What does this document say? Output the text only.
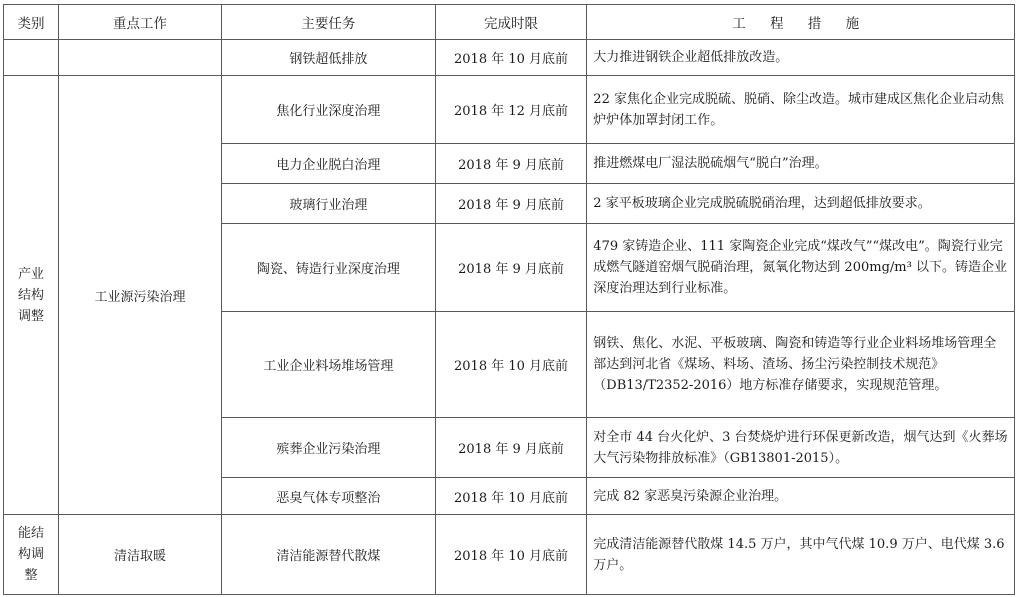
类别	重点工作	主要任务	完成时限	工 程 措 施
		钢铁超低排放	2018 年 10 月底前	大力推进钢铁企业超低排放改造。
产业结构调整	工业源污染治理	焦化行业深度治理	2018 年 12 月底前	22 家焦化企业完成脱硫、脱硝、除尘改造。城市建成区焦化企业启动焦炉炉体加罩封闭工作。
		电力企业脱白治理	2018 年 9 月底前	推进燃煤电厂湿法脱硫烟气“脱白”治理。
		玻璃行业治理	2018 年 9 月底前	2 家平板玻璃企业完成脱硫脱硝治理，达到超低排放要求。
		陶瓷、铸造行业深度治理	2018 年 9 月底前	479 家铸造企业、111 家陶瓷企业完成“煤改气”“煤改电”。陶瓷行业完成燃气隧道窑烟气脱硝治理，氮氧化物达到 200mg/m³ 以下。铸造企业深度治理达到行业标准。
		工业企业料场堆场管理	2018 年 10 月底前	钢铁、焦化、水泥、平板玻璃、陶瓷和铸造等行业企业料场堆场管理全部达到河北省《煤场、料场、渣场、扬尘污染控制技术规范》（DB13/T2352-2016）地方标准存储要求，实现规范管理。
		殡葬企业污染治理	2018 年 9 月底前	对全市 44 台火化炉、3 台焚烧炉进行环保更新改造，烟气达到《火葬场大气污染物排放标准》（GB13801-2015）。
		恶臭气体专项整治	2018 年 10 月底前	完成 82 家恶臭污染源企业治理。
能结构调整	清洁取暖	清洁能源替代散煤	2018 年 10 月底前	完成清洁能源替代散煤 14.5 万户，其中气代煤 10.9 万户、电代煤 3.6 万户。
